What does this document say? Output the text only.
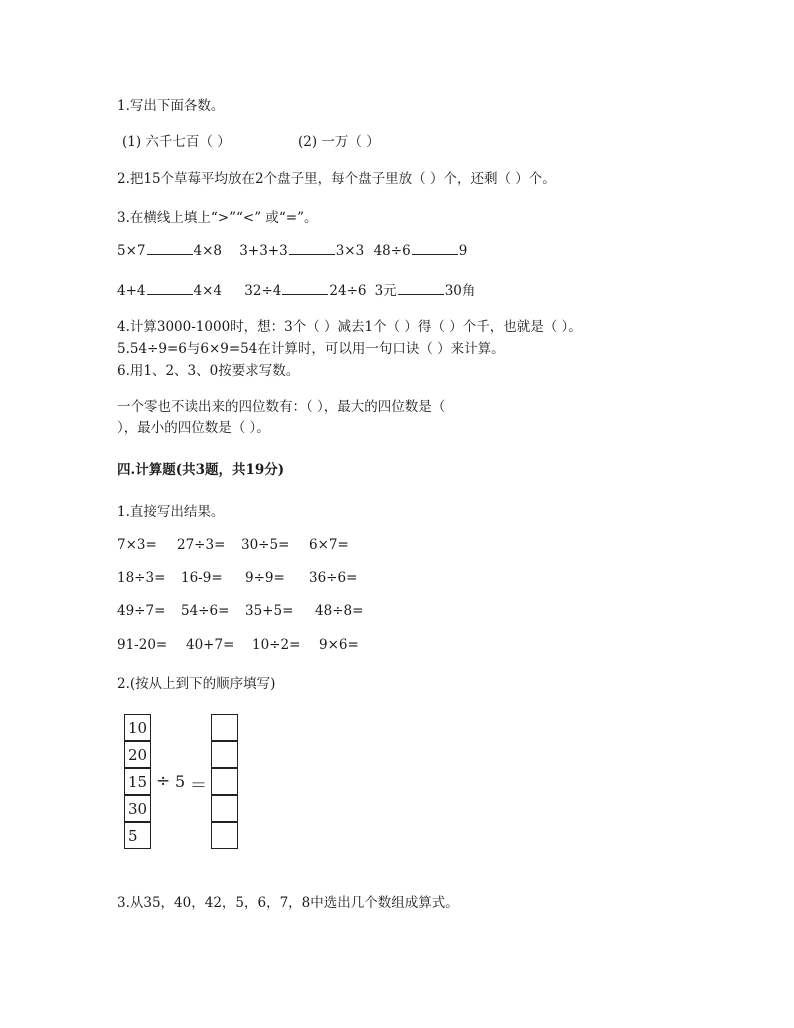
1.写出下面各数。
(1) 六千七百（ ）	(2) 一万（ ）
2.把15个草莓平均放在2个盘子里，每个盘子里放（ ）个，还剩（ ）个。
3.在横线上填上“>”“<” 或“=”。
5×7	4×8 3+3+3	3×3 48÷6	9
4+4	4×4 32÷4	24÷6 3元	30角
4.计算3000-1000时，想：3个（ ）减去1个（ ）得（ ）个千，也就是（ ）。
5.54÷9=6与6×9=54在计算时，可以用一句口诀（ ）来计算。
6.用1、2、3、0按要求写数。
一个零也不读出来的四位数有：（ ），最大的四位数是（
），最小的四位数是（ ）。
四.计算题(共3题，共19分)
1.直接写出结果。
7×3= 27÷3= 30÷5= 6×7=
18÷3= 16-9= 9÷9= 36÷6=
49÷7= 54÷6= 35+5= 48÷8=
91-20= 40+7= 10÷2= 9×6=
2.(按从上到下的顺序填写)
10
20
15
30
5
÷ 5 ＝
3.从35，40，42，5，6，7，8中选出几个数组成算式。
